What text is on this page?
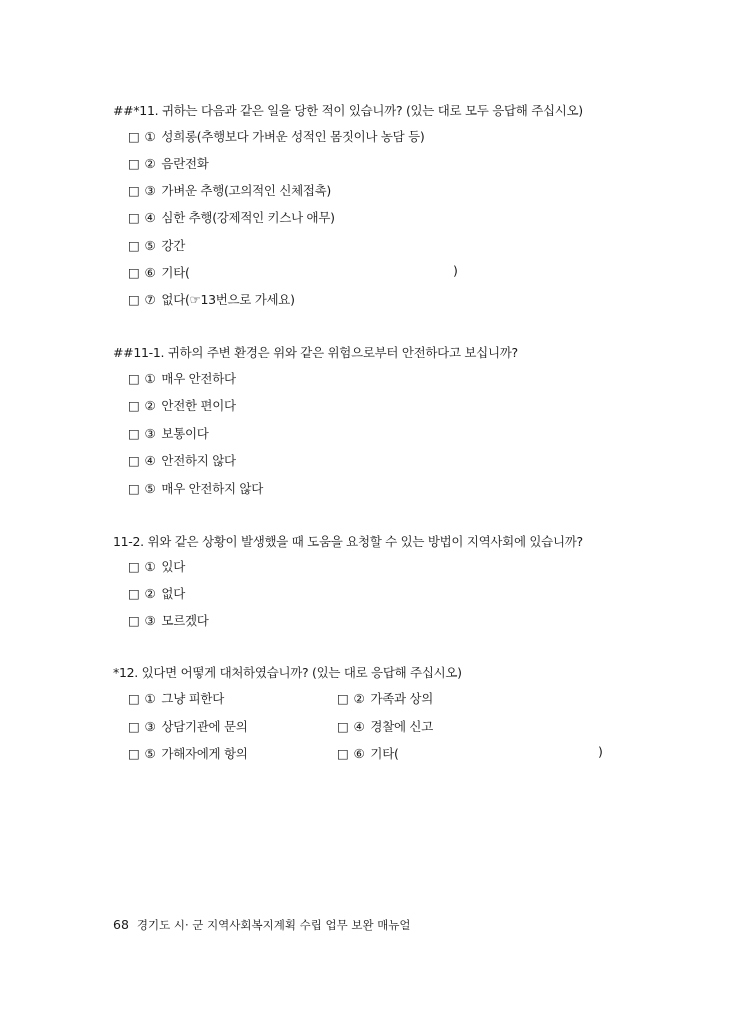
##*11. 귀하는 다음과 같은 일을 당한 적이 있습니까? (있는 대로 모두 응답해 주십시오)
□ ① 성희롱(추행보다 가벼운 성적인 몸짓이나 농담 등)
□ ② 음란전화
□ ③ 가벼운 추행(고의적인 신체접촉)
□ ④ 심한 추행(강제적인 키스나 애무)
□ ⑤ 강간
□ ⑥ 기타(	)
□ ⑦ 없다(☞13번으로 가세요)
##11-1. 귀하의 주변 환경은 위와 같은 위험으로부터 안전하다고 보십니까?
□ ① 매우 안전하다
□ ② 안전한 편이다
□ ③ 보통이다
□ ④ 안전하지 않다
□ ⑤ 매우 안전하지 않다
11-2. 위와 같은 상황이 발생했을 때 도움을 요청할 수 있는 방법이 지역사회에 있습니까?
□ ① 있다
□ ② 없다
□ ③ 모르겠다
*12. 있다면 어떻게 대처하였습니까? (있는 대로 응답해 주십시오)
□ ① 그냥 피한다	□ ② 가족과 상의
□ ③ 상담기관에 문의	□ ④ 경찰에 신고
□ ⑤ 가해자에게 항의	□ ⑥ 기타(	)
68 경기도 시· 군 지역사회복지계획 수립 업무 보완 매뉴얼
